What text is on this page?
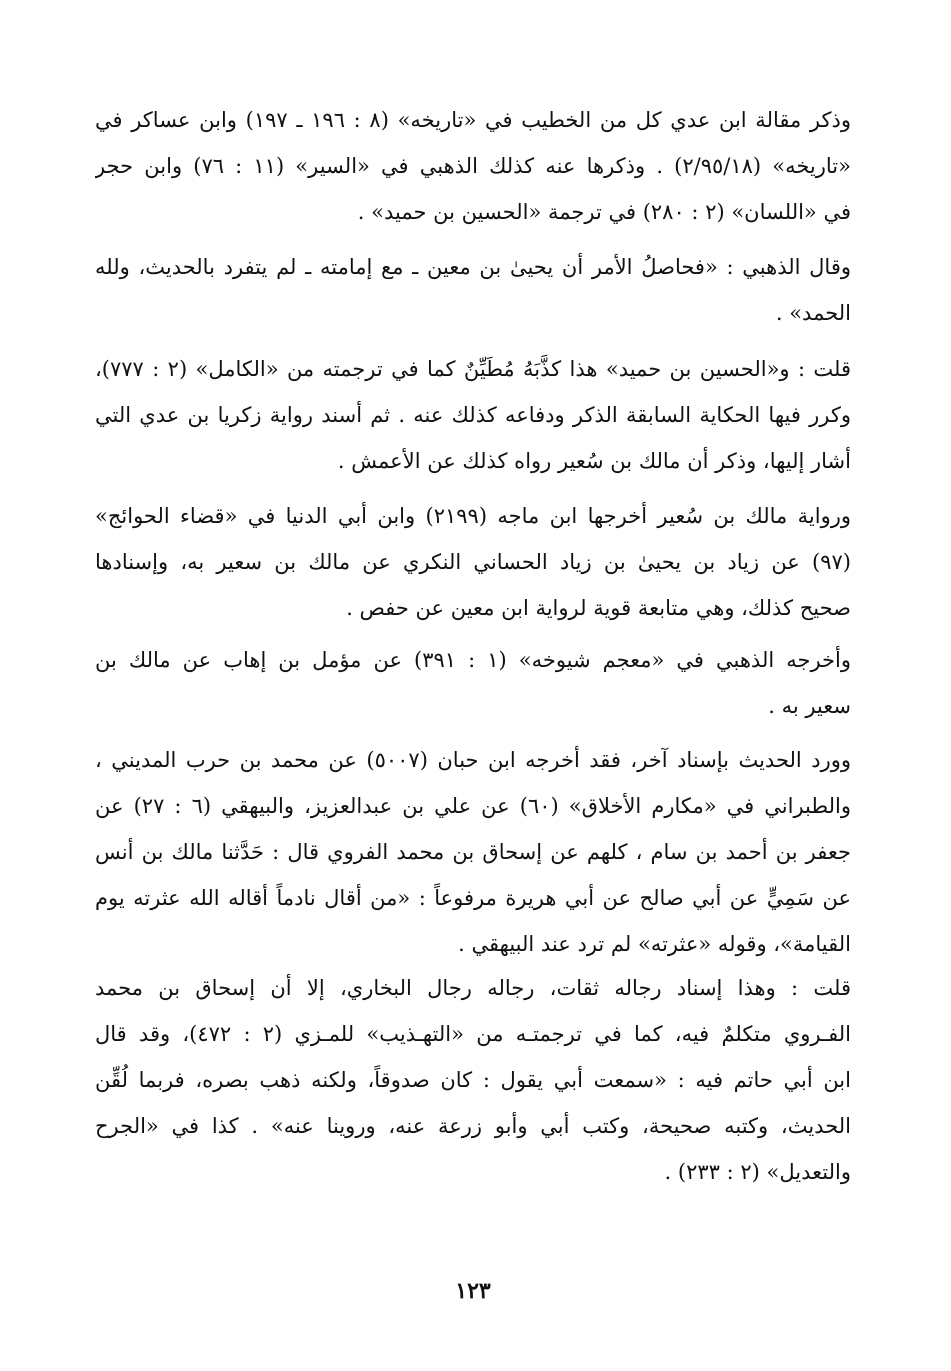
وذكر مقالة ابن عدي كل من الخطيب في «تاريخه» (٨ : ١٩٦ ـ ١٩٧) وابن عساكر في
«تاريخه» (٢/٩٥/١٨) . وذكرها عنه كذلك الذهبي في «السير» (١١ : ٧٦) وابن حجر
في «اللسان» (٢ : ٢٨٠) في ترجمة «الحسين بن حميد» .
وقال الذهبي : «فحاصلُ الأمر أن يحيىٰ بن معين ـ مع إمامته ـ لم يتفرد بالحديث، ولله
الحمد» .
قلت : و«الحسين بن حميد» هذا كذَّبَهُ مُطَيِّنٌ كما في ترجمته من «الكامل» (٢ : ٧٧٧)،
وكرر فيها الحكاية السابقة الذكر ودفاعه كذلك عنه . ثم أسند رواية زكريا بن عدي التي
أشار إليها، وذكر أن مالك بن سُعير رواه كذلك عن الأعمش .
ورواية مالك بن سُعير أخرجها ابن ماجه (٢١٩٩) وابن أبي الدنيا في «قضاء الحوائج»
(٩٧) عن زياد بن يحيىٰ بن زياد الحساني النكري عن مالك بن سعير به، وإسنادها
صحيح كذلك، وهي متابعة قوية لرواية ابن معين عن حفص .
وأخرجه الذهبي في «معجم شيوخه» (١ : ٣٩١) عن مؤمل بن إهاب عن مالك بن
سعير به .
وورد الحديث بإسناد آخر، فقد أخرجه ابن حبان (٥٠٠٧) عن محمد بن حرب المديني ،
والطبراني في «مكارم الأخلاق» (٦٠) عن علي بن عبدالعزيز، والبيهقي (٦ : ٢٧) عن
جعفر بن أحمد بن سام ، كلهم عن إسحاق بن محمد الفروي قال : حَدَّثنا مالك بن أنس
عن سَمِيٍّ عن أبي صالح عن أبي هريرة مرفوعاً : «من أقال نادماً أقاله الله عثرته يوم
القيامة»، وقوله «عثرته» لم ترد عند البيهقي .
قلت : وهذا إسناد رجاله ثقات، رجاله رجال البخاري، إلا أن إسحاق بن محمد
الفـروي متكلمٌ فيه، كما في ترجمتـه من «التهـذيب» للمـزي (٢ : ٤٧٢)، وقد قال
ابن أبي حاتم فيه : «سمعت أبي يقول : كان صدوقاً، ولكنه ذهب بصره، فربما لُقِّن
الحديث، وكتبه صحيحة، وكتب أبي وأبو زرعة عنه، وروينا عنه» . كذا في «الجرح
والتعديل» (٢ : ٢٣٣) .
١٢٣
